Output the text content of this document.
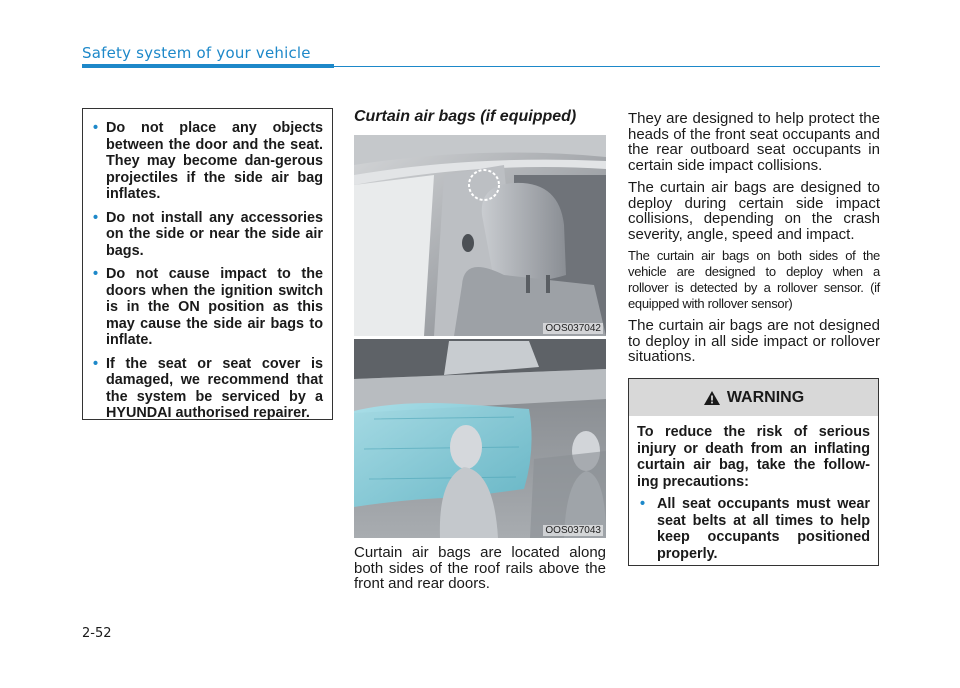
Safety system of your vehicle
• Do not place any objects between the door and the seat. They may become dan-gerous projectiles if the side air bag inflates.
• Do not install any accessories on the side or near the side air bags.
• Do not cause impact to the doors when the ignition switch is in the ON position as this may cause the side air bags to inflate.
• If the seat or seat cover is damaged, we recommend that the system be serviced by a HYUNDAI authorised repairer.
Curtain air bags (if equipped)
OOS037042
OOS037043

Curtain air bags are located along both sides of the roof rails above the front and rear doors.

They are designed to help protect the heads of the front seat occupants and the rear outboard seat occupants in certain side impact collisions.

The curtain air bags are designed to deploy during certain side impact collisions, depending on the crash severity, angle, speed and impact.

The curtain air bags on both sides of the vehicle are designed to deploy when a rollover is detected by a rollover sensor. (if equipped with rollover sensor)

The curtain air bags are not designed to deploy in all side impact or rollover situations.

WARNING

To reduce the risk of serious injury or death from an inflating curtain air bag, take the follow-ing precautions:

• All seat occupants must wear seat belts at all times to help keep occupants positioned properly.
2-52
